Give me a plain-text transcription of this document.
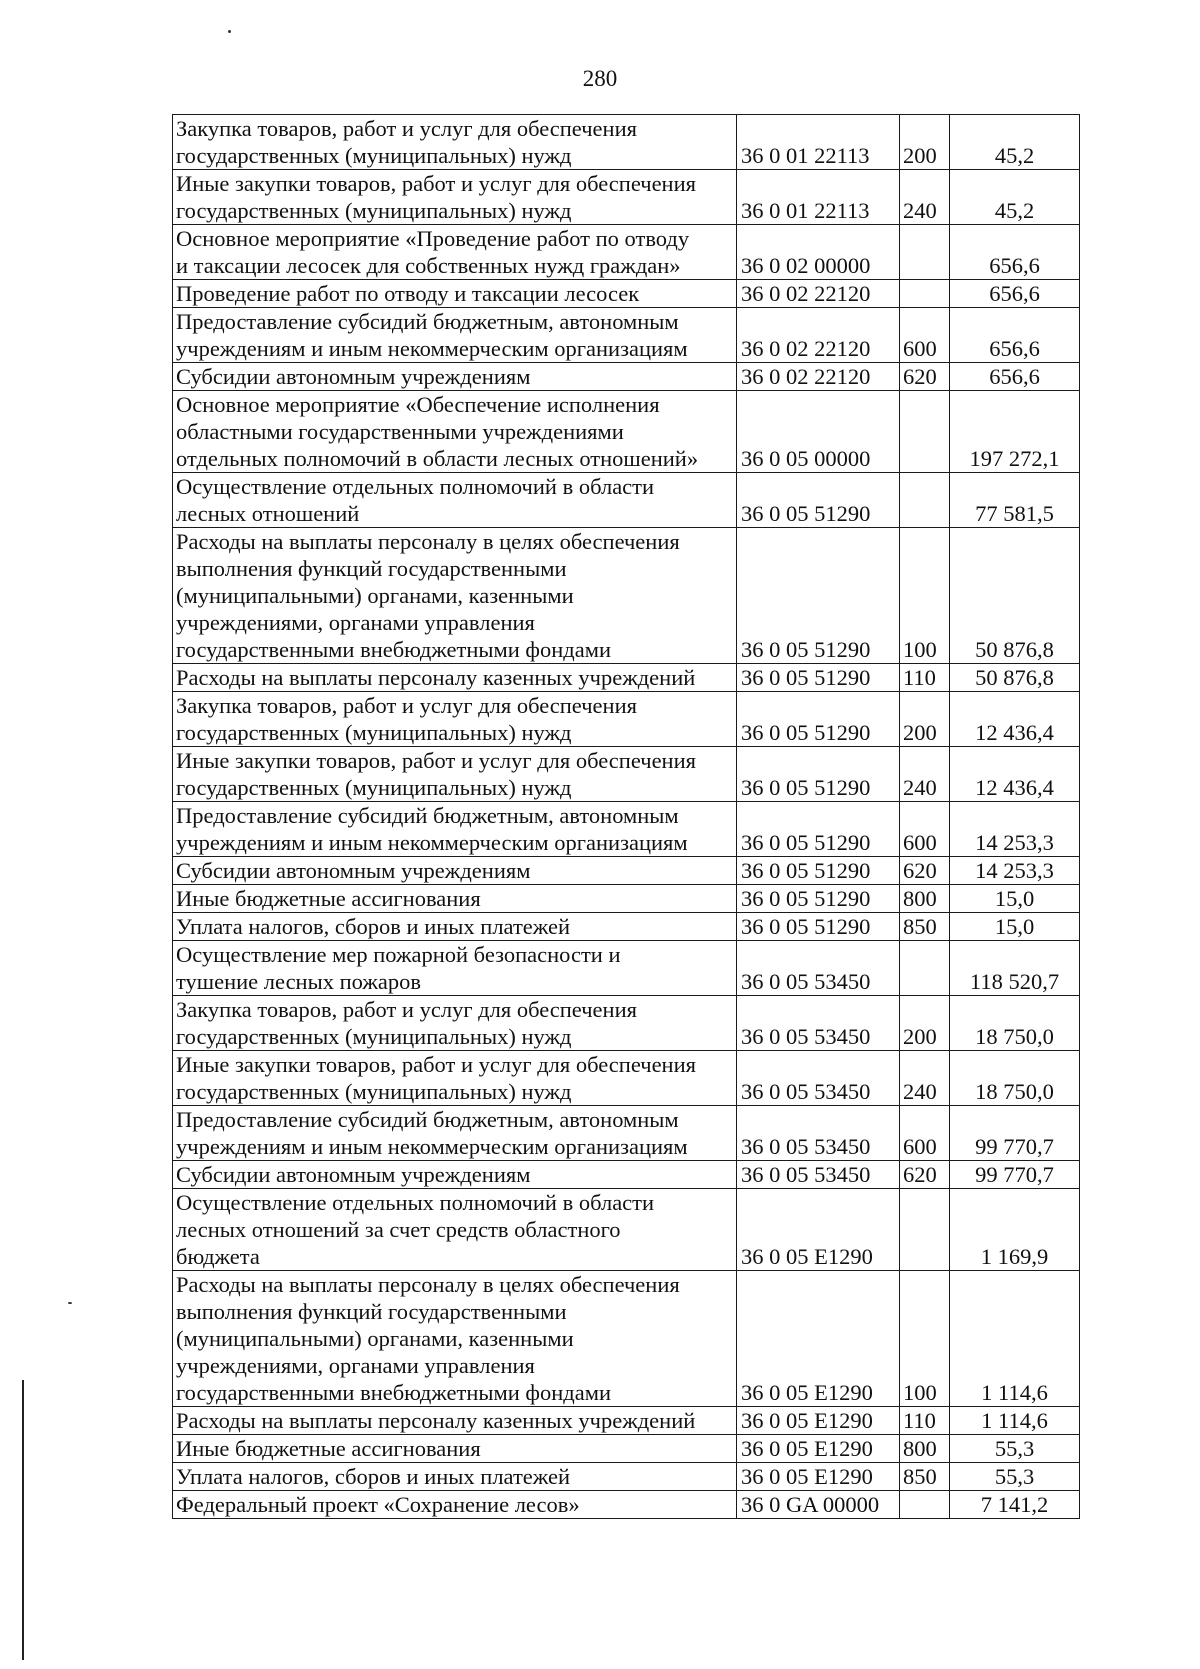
280
Закупка товаров, работ и услуг для обеспечения
государственных (муниципальных) нужд	36 0 01 22113	200	45,2

Иные закупки товаров, работ и услуг для обеспечения
государственных (муниципальных) нужд	36 0 01 22113	240	45,2

Основное мероприятие «Проведение работ по отводу
и таксации лесосек для собственных нужд граждан»	36 0 02 00000		656,6

Проведение работ по отводу и таксации лесосек	36 0 02 22120		656,6

Предоставление субсидий бюджетным, автономным
учреждениям и иным некоммерческим организациям	36 0 02 22120	600	656,6

Субсидии автономным учреждениям	36 0 02 22120	620	656,6

Основное мероприятие «Обеспечение исполнения
областными государственными учреждениями
отдельных полномочий в области лесных отношений»	36 0 05 00000		197 272,1

Осуществление отдельных полномочий в области
лесных отношений	36 0 05 51290		77 581,5

Расходы на выплаты персоналу в целях обеспечения
выполнения функций государственными
(муниципальными) органами, казенными
учреждениями, органами управления
государственными внебюджетными фондами	36 0 05 51290	100	50 876,8

Расходы на выплаты персоналу казенных учреждений	36 0 05 51290	110	50 876,8

Закупка товаров, работ и услуг для обеспечения
государственных (муниципальных) нужд	36 0 05 51290	200	12 436,4

Иные закупки товаров, работ и услуг для обеспечения
государственных (муниципальных) нужд	36 0 05 51290	240	12 436,4

Предоставление субсидий бюджетным, автономным
учреждениям и иным некоммерческим организациям	36 0 05 51290	600	14 253,3

Субсидии автономным учреждениям	36 0 05 51290	620	14 253,3

Иные бюджетные ассигнования	36 0 05 51290	800	15,0

Уплата налогов, сборов и иных платежей	36 0 05 51290	850	15,0

Осуществление мер пожарной безопасности и
тушение лесных пожаров	36 0 05 53450		118 520,7

Закупка товаров, работ и услуг для обеспечения
государственных (муниципальных) нужд	36 0 05 53450	200	18 750,0

Иные закупки товаров, работ и услуг для обеспечения
государственных (муниципальных) нужд	36 0 05 53450	240	18 750,0

Предоставление субсидий бюджетным, автономным
учреждениям и иным некоммерческим организациям	36 0 05 53450	600	99 770,7

Субсидии автономным учреждениям	36 0 05 53450	620	99 770,7

Осуществление отдельных полномочий в области
лесных отношений за счет средств областного
бюджета	36 0 05 E1290		1 169,9

Расходы на выплаты персоналу в целях обеспечения
выполнения функций государственными
(муниципальными) органами, казенными
учреждениями, органами управления
государственными внебюджетными фондами	36 0 05 E1290	100	1 114,6

Расходы на выплаты персоналу казенных учреждений	36 0 05 E1290	110	1 114,6

Иные бюджетные ассигнования	36 0 05 E1290	800	55,3

Уплата налогов, сборов и иных платежей	36 0 05 E1290	850	55,3

Федеральный проект «Сохранение лесов»	36 0 GA 00000		7 141,2
